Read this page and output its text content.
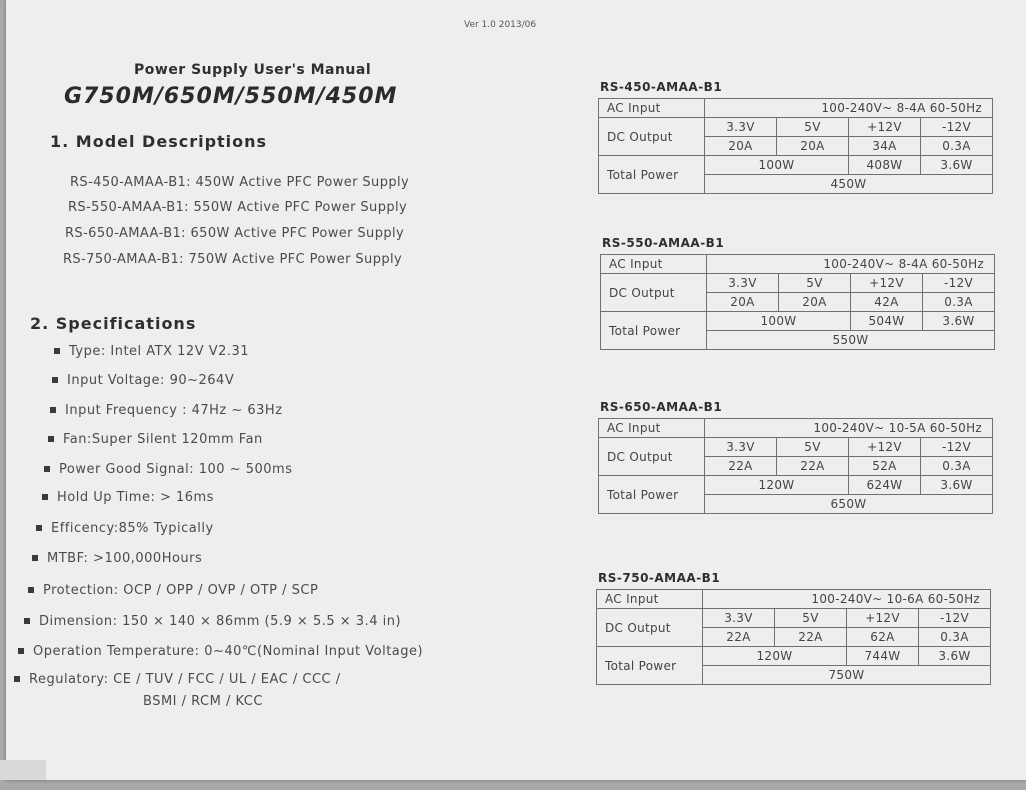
Ver 1.0 2013/06
Power Supply User's Manual
G750M/650M/550M/450M
1. Model Descriptions
RS-450-AMAA-B1: 450W Active PFC Power Supply
RS-550-AMAA-B1: 550W Active PFC Power Supply
RS-650-AMAA-B1: 650W Active PFC Power Supply
RS-750-AMAA-B1: 750W Active PFC Power Supply
2. Specifications
Type: Intel ATX 12V V2.31
Input Voltage: 90~264V
Input Frequency : 47Hz ~ 63Hz
Fan:Super Silent 120mm Fan
Power Good Signal: 100 ~ 500ms
Hold Up Time: > 16ms
Efficency:85% Typically
MTBF: >100,000Hours
Protection: OCP / OPP / OVP / OTP / SCP
Dimension: 150 × 140 × 86mm (5.9 × 5.5 × 3.4 in)
Operation Temperature: 0~40℃(Nominal Input Voltage)
Regulatory: CE / TUV / FCC / UL / EAC / CCC /
BSMI / RCM / KCC
RS-450-AMAA-B1
AC Input	100-240V~ 8-4A 60-50Hz			
DC Output	3.3V	5V	+12V	-12V
	20A	20A	34A	0.3A
Total Power	100W		408W	3.6W
	450W			
RS-550-AMAA-B1
AC Input	100-240V~ 8-4A 60-50Hz			
DC Output	3.3V	5V	+12V	-12V
	20A	20A	42A	0.3A
Total Power	100W		504W	3.6W
	550W			
RS-650-AMAA-B1
AC Input	100-240V~ 10-5A 60-50Hz			
DC Output	3.3V	5V	+12V	-12V
	22A	22A	52A	0.3A
Total Power	120W		624W	3.6W
	650W			
RS-750-AMAA-B1
AC Input	100-240V~ 10-6A 60-50Hz			
DC Output	3.3V	5V	+12V	-12V
	22A	22A	62A	0.3A
Total Power	120W		744W	3.6W
	750W			
